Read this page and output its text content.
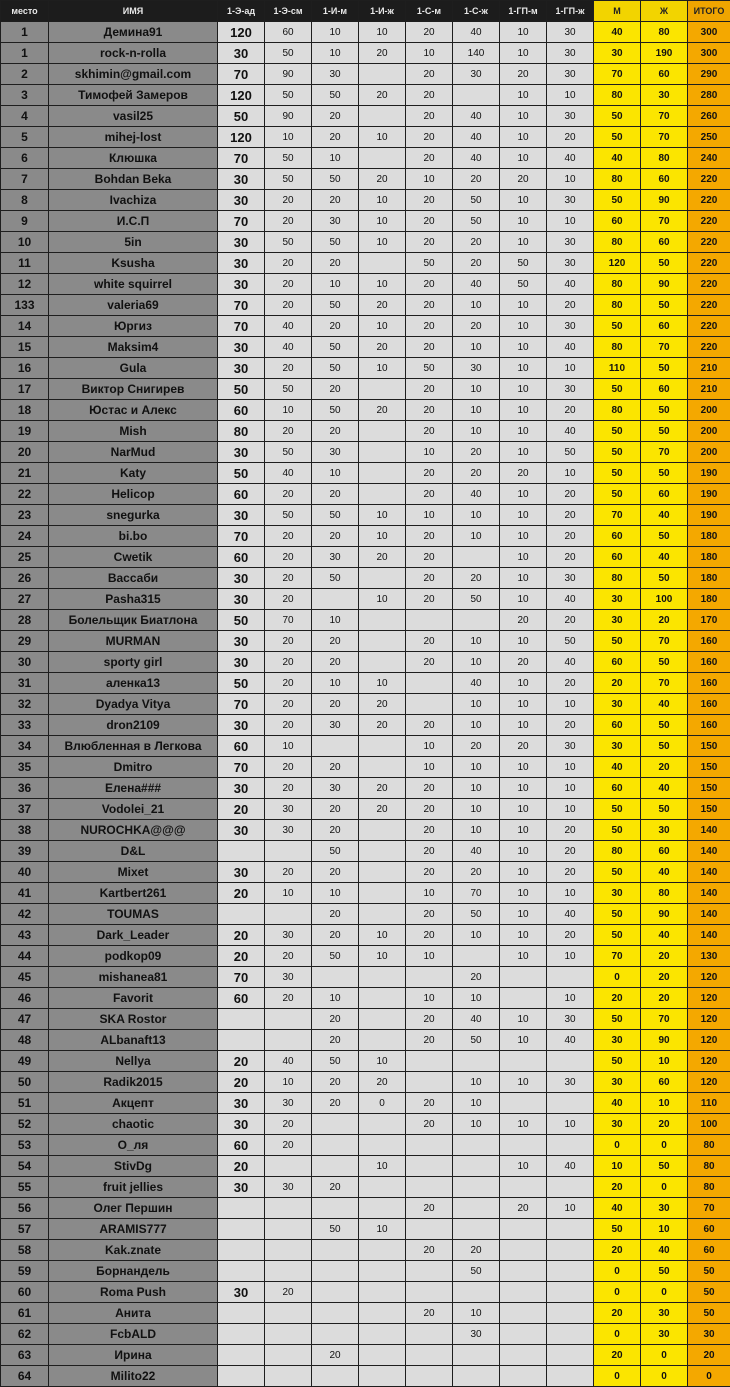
место	ИМЯ	1-Э-ад	1-Э-см	1-И-м	1-И-ж	1-С-м	1-С-ж	1-ГП-м	1-ГП-ж	М	Ж	ИТОГО
1	Демина91	120	60	10	10	20	40	10	30	40	80	300
1	rock-n-rolla	30	50	10	20	10	140	10	30	30	190	300
2	skhimin@gmail.com	70	90	30		20	30	20	30	70	60	290
3	Тимофей Замеров	120	50	50	20	20		10	10	80	30	280
4	vasil25	50	90	20		20	40	10	30	50	70	260
5	mihej-lost	120	10	20	10	20	40	10	20	50	70	250
6	Клюшка	70	50	10		20	40	10	40	40	80	240
7	Bohdan Beka	30	50	50	20	10	20	20	10	80	60	220
8	Ivachiza	30	20	20	10	20	50	10	30	50	90	220
9	И.С.П	70	20	30	10	20	50	10	10	60	70	220
10	5in	30	50	50	10	20	20	10	30	80	60	220
11	Ksusha	30	20	20		50	20	50	30	120	50	220
12	white squirrel	30	20	10	10	20	40	50	40	80	90	220
133	valeria69	70	20	50	20	20	10	10	20	80	50	220
14	Юргиз	70	40	20	10	20	20	10	30	50	60	220
15	Maksim4	30	40	50	20	20	10	10	40	80	70	220
16	Gula	30	20	50	10	50	30	10	10	110	50	210
17	Виктор Снигирев	50	50	20		20	10	10	30	50	60	210
18	Юстас и Алекс	60	10	50	20	20	10	10	20	80	50	200
19	Mish	80	20	20		20	10	10	40	50	50	200
20	NarMud	30	50	30		10	20	10	50	50	70	200
21	Katy	50	40	10		20	20	20	10	50	50	190
22	Helicop	60	20	20		20	40	10	20	50	60	190
23	snegurka	30	50	50	10	10	10	10	20	70	40	190
24	bi.bo	70	20	20	10	20	10	10	20	60	50	180
25	Cwetik	60	20	30	20	20		10	20	60	40	180
26	Вассаби	30	20	50		20	20	10	30	80	50	180
27	Pasha315	30	20		10	20	50	10	40	30	100	180
28	Болельщик Биатлона	50	70	10				20	20	30	20	170
29	MURMAN	30	20	20		20	10	10	50	50	70	160
30	sporty girl	30	20	20		20	10	20	40	60	50	160
31	аленка13	50	20	10	10		40	10	20	20	70	160
32	Dyadya Vitya	70	20	20	20		10	10	10	30	40	160
33	dron2109	30	20	30	20	20	10	10	20	60	50	160
34	Влюбленная в Легкова	60	10			10	20	20	30	30	50	150
35	Dmitro	70	20	20		10	10	10	10	40	20	150
36	Елена###	30	20	30	20	20	10	10	10	60	40	150
37	Vodolei_21	20	30	20	20	20	10	10	10	50	50	150
38	NUROCHKA@@@	30	30	20		20	10	10	20	50	30	140
39	D&L			50		20	40	10	20	80	60	140
40	Mixet	30	20	20		20	20	10	20	50	40	140
41	Kartbert261	20	10	10		10	70	10	10	30	80	140
42	TOUMAS			20		20	50	10	40	50	90	140
43	Dark_Leader	20	30	20	10	20	10	10	20	50	40	140
44	podkop09	20	20	50	10	10		10	10	70	20	130
45	mishanea81	70	30				20			0	20	120
46	Favorit	60	20	10		10	10		10	20	20	120
47	SKA Rostor			20		20	40	10	30	50	70	120
48	ALbanaft13			20		20	50	10	40	30	90	120
49	Nellya	20	40	50	10					50	10	120
50	Radik2015	20	10	20	20		10	10	30	30	60	120
51	Акцепт	30	30	20	0	20	10			40	10	110
52	chaotic	30	20			20	10	10	10	30	20	100
53	О_ля	60	20							0	0	80
54	StivDg	20			10			10	40	10	50	80
55	fruit jellies	30	30	20						20	0	80
56	Олег Першин					20		20	10	40	30	70
57	ARAMIS777			50	10					50	10	60
58	Kak.znate					20	20			20	40	60
59	Борнандель						50			0	50	50
60	Roma Push	30	20							0	0	50
61	Анита					20	10			20	30	50
62	FcbALD						30			0	30	30
63	Ирина			20						20	0	20
64	Milito22									0	0	0
